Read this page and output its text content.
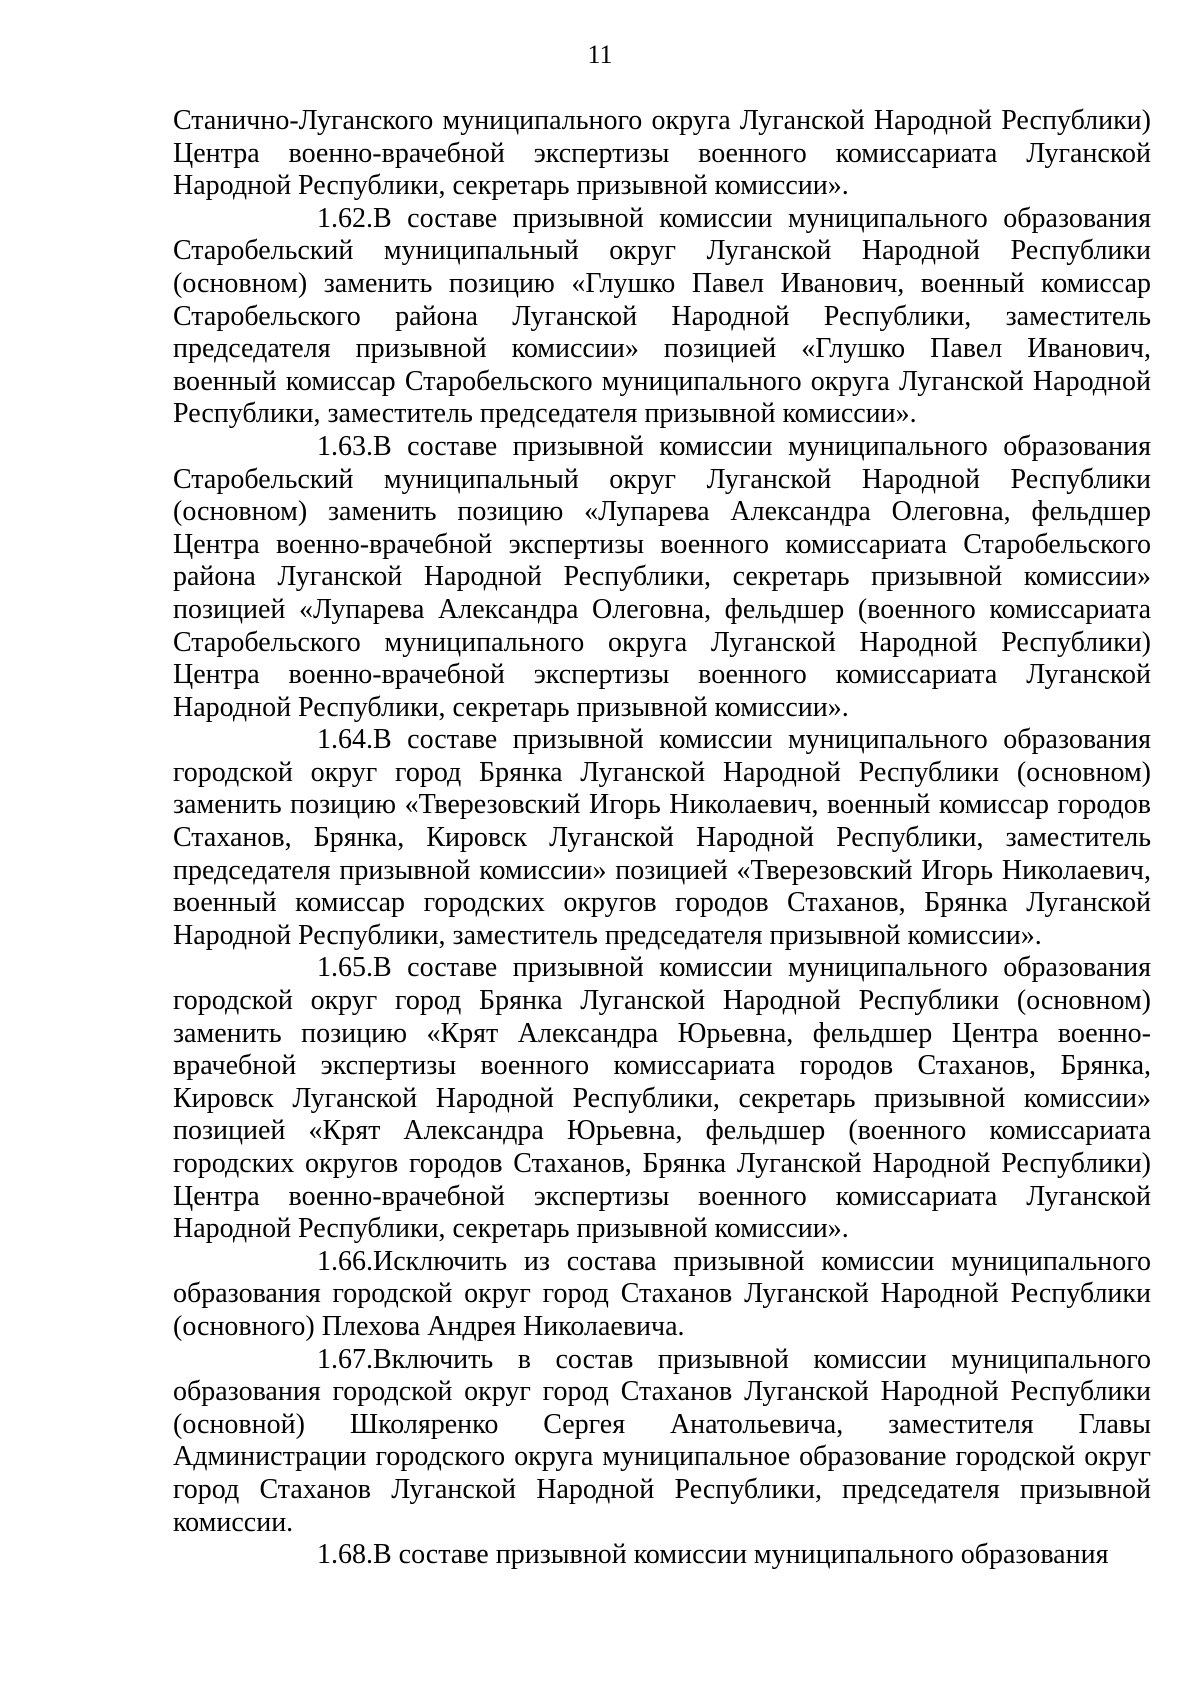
11

Станично-Луганского муниципального округа Луганской Народной Республики) Центра военно-врачебной экспертизы военного комиссариата Луганской Народной Республики, секретарь призывной комиссии».

1.62.В составе призывной комиссии муниципального образования Старобельский муниципальный округ Луганской Народной Республики (основном) заменить позицию «Глушко Павел Иванович, военный комиссар Старобельского района Луганской Народной Республики, заместитель председателя призывной комиссии» позицией «Глушко Павел Иванович, военный комиссар Старобельского муниципального округа Луганской Народной Республики, заместитель председателя призывной комиссии».

1.63.В составе призывной комиссии муниципального образования Старобельский муниципальный округ Луганской Народной Республики (основном) заменить позицию «Лупарева Александра Олеговна, фельдшер Центра военно-врачебной экспертизы военного комиссариата Старобельского района Луганской Народной Республики, секретарь призывной комиссии» позицией «Лупарева Александра Олеговна, фельдшер (военного комиссариата Старобельского муниципального округа Луганской Народной Республики) Центра военно-врачебной экспертизы военного комиссариата Луганской Народной Республики, секретарь призывной комиссии».

1.64.В составе призывной комиссии муниципального образования городской округ город Брянка Луганской Народной Республики (основном) заменить позицию «Тверезовский Игорь Николаевич, военный комиссар городов Стаханов, Брянка, Кировск Луганской Народной Республики, заместитель председателя призывной комиссии» позицией «Тверезовский Игорь Николаевич, военный комиссар городских округов городов Стаханов, Брянка Луганской Народной Республики, заместитель председателя призывной комиссии».

1.65.В составе призывной комиссии муниципального образования городской округ город Брянка Луганской Народной Республики (основном) заменить позицию «Крят Александра Юрьевна, фельдшер Центра военно-врачебной экспертизы военного комиссариата городов Стаханов, Брянка, Кировск Луганской Народной Республики, секретарь призывной комиссии» позицией «Крят Александра Юрьевна, фельдшер (военного комиссариата городских округов городов Стаханов, Брянка Луганской Народной Республики) Центра военно-врачебной экспертизы военного комиссариата Луганской Народной Республики, секретарь призывной комиссии».

1.66.Исключить из состава призывной комиссии муниципального образования городской округ город Стаханов Луганской Народной Республики (основного) Плехова Андрея Николаевича.

1.67.Включить в состав призывной комиссии муниципального образования городской округ город Стаханов Луганской Народной Республики (основной) Школяренко Сергея Анатольевича, заместителя Главы Администрации городского округа муниципальное образование городской округ город Стаханов Луганской Народной Республики, председателя призывной комиссии.

1.68.В составе призывной комиссии муниципального образования
